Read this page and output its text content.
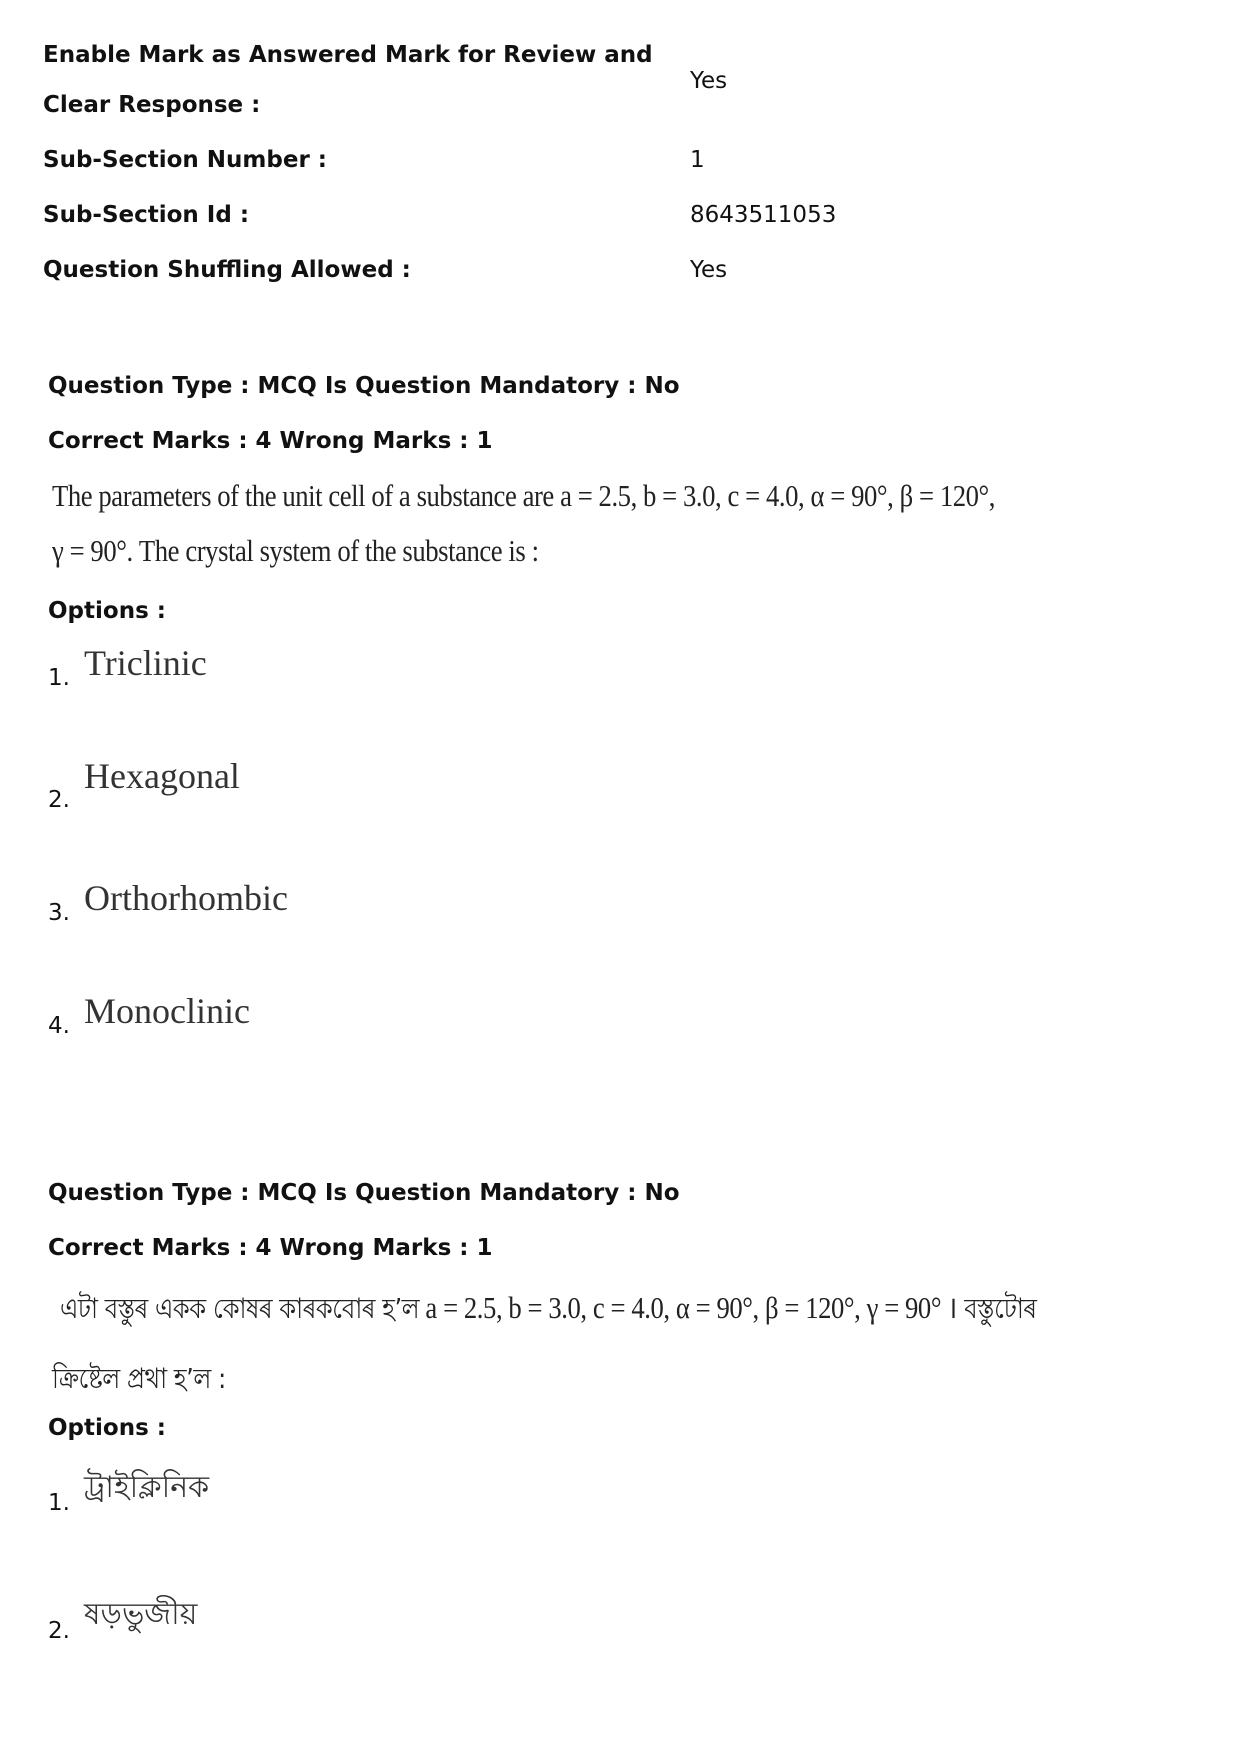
Enable Mark as Answered Mark for Review and
Clear Response :
Yes
Sub-Section Number :	1
Sub-Section Id :	8643511053
Question Shuffling Allowed :	Yes
Question Type : MCQ Is Question Mandatory : No
Correct Marks : 4 Wrong Marks : 1
The parameters of the unit cell of a substance are a = 2.5, b = 3.0, c = 4.0, α = 90°, β = 120°,
γ = 90°. The crystal system of the substance is :
Options :
1. Triclinic
2.
Hexagonal
3. Orthorhombic
4. Monoclinic
Question Type : MCQ Is Question Mandatory : No
Correct Marks : 4 Wrong Marks : 1
এটা বস্তুৰ একক কোষৰ কাৰকবোৰ হ’ল a = 2.5, b = 3.0, c = 4.0, α = 90°, β = 120°, γ = 90° । বস্তুটোৰ
ক্রিষ্টেল প্রথা হ’ল :
Options :
1. ট্রাইক্লিনিক
2. ষড়ভুজীয়
